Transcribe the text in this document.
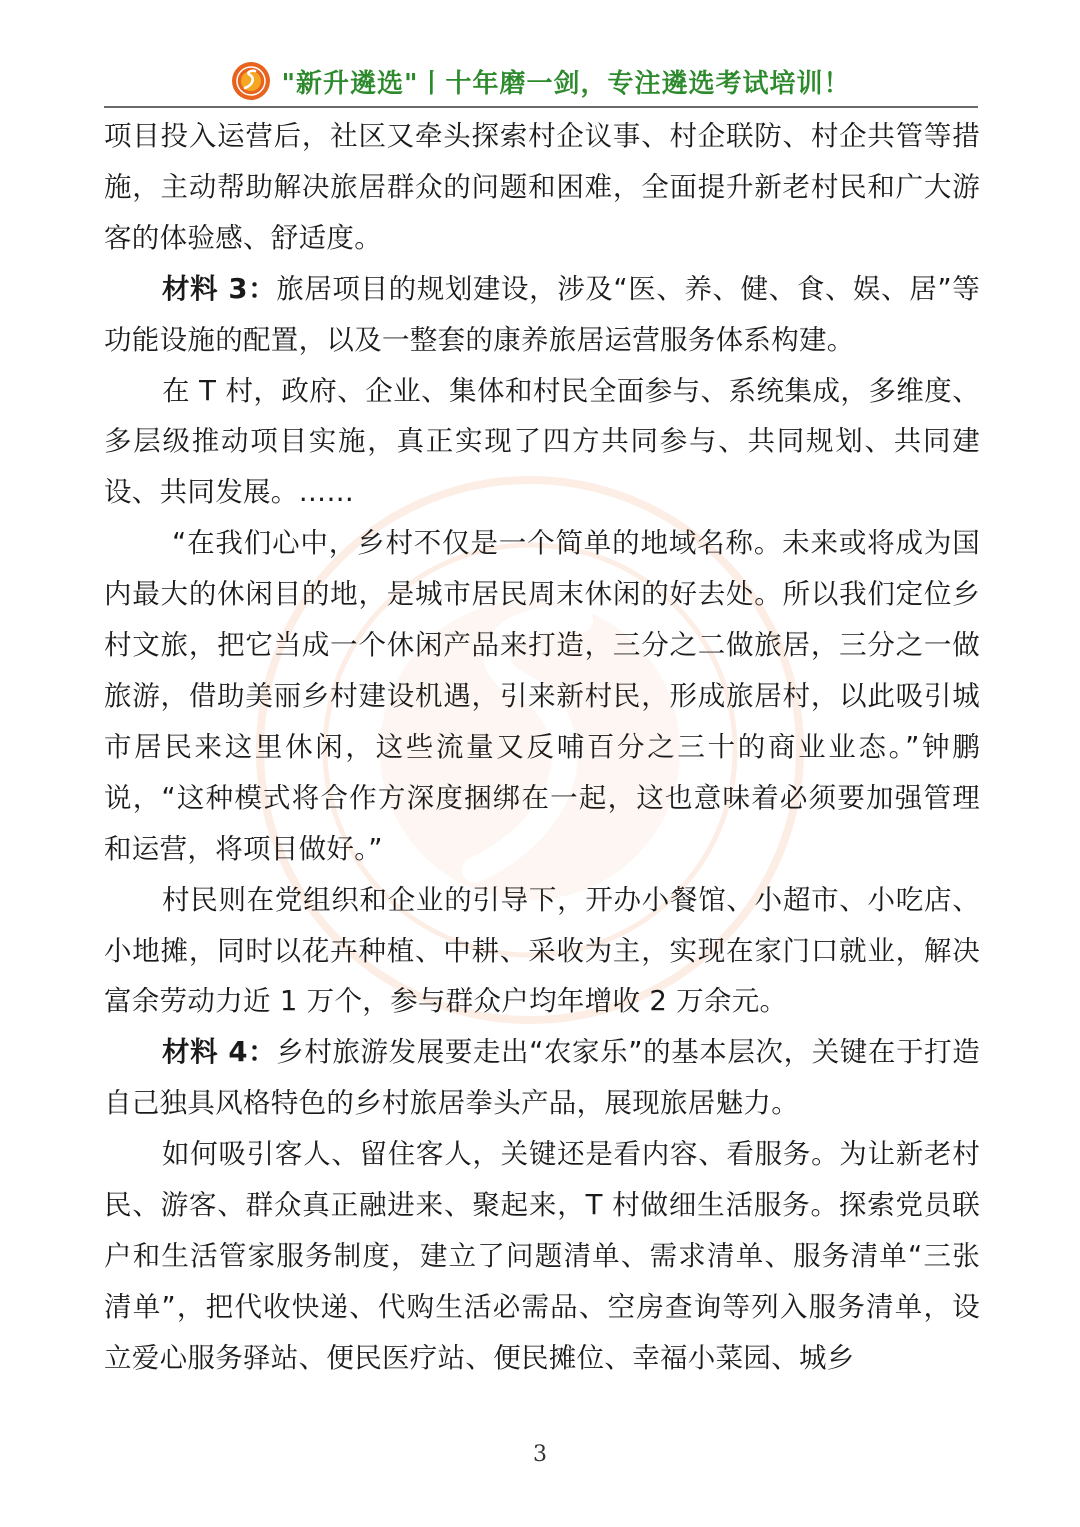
"新升遴选"丨十年磨一剑，专注遴选考试培训！

项目投入运营后，社区又牵头探索村企议事、村企联防、村企共管等措施，主动帮助解决旅居群众的问题和困难，全面提升新老村民和广大游客的体验感、舒适度。

材料 3：旅居项目的规划建设，涉及“医、养、健、食、娱、居”等功能设施的配置，以及一整套的康养旅居运营服务体系构建。

在 T 村，政府、企业、集体和村民全面参与、系统集成，多维度、多层级推动项目实施，真正实现了四方共同参与、共同规划、共同建设、共同发展。……

“在我们心中，乡村不仅是一个简单的地域名称。未来或将成为国内最大的休闲目的地，是城市居民周末休闲的好去处。所以我们定位乡村文旅，把它当成一个休闲产品来打造，三分之二做旅居，三分之一做旅游，借助美丽乡村建设机遇，引来新村民，形成旅居村，以此吸引城市居民来这里休闲，这些流量又反哺百分之三十的商业业态。”钟鹏说，“这种模式将合作方深度捆绑在一起，这也意味着必须要加强管理和运营，将项目做好。”

村民则在党组织和企业的引导下，开办小餐馆、小超市、小吃店、小地摊，同时以花卉种植、中耕、采收为主，实现在家门口就业，解决富余劳动力近 1 万个，参与群众户均年增收 2 万余元。

材料 4：乡村旅游发展要走出“农家乐”的基本层次，关键在于打造自己独具风格特色的乡村旅居拳头产品，展现旅居魅力。

如何吸引客人、留住客人，关键还是看内容、看服务。为让新老村民、游客、群众真正融进来、聚起来，T 村做细生活服务。探索党员联户和生活管家服务制度，建立了问题清单、需求清单、服务清单“三张清单”，把代收快递、代购生活必需品、空房查询等列入服务清单，设立爱心服务驿站、便民医疗站、便民摊位、幸福小菜园、城乡

3
